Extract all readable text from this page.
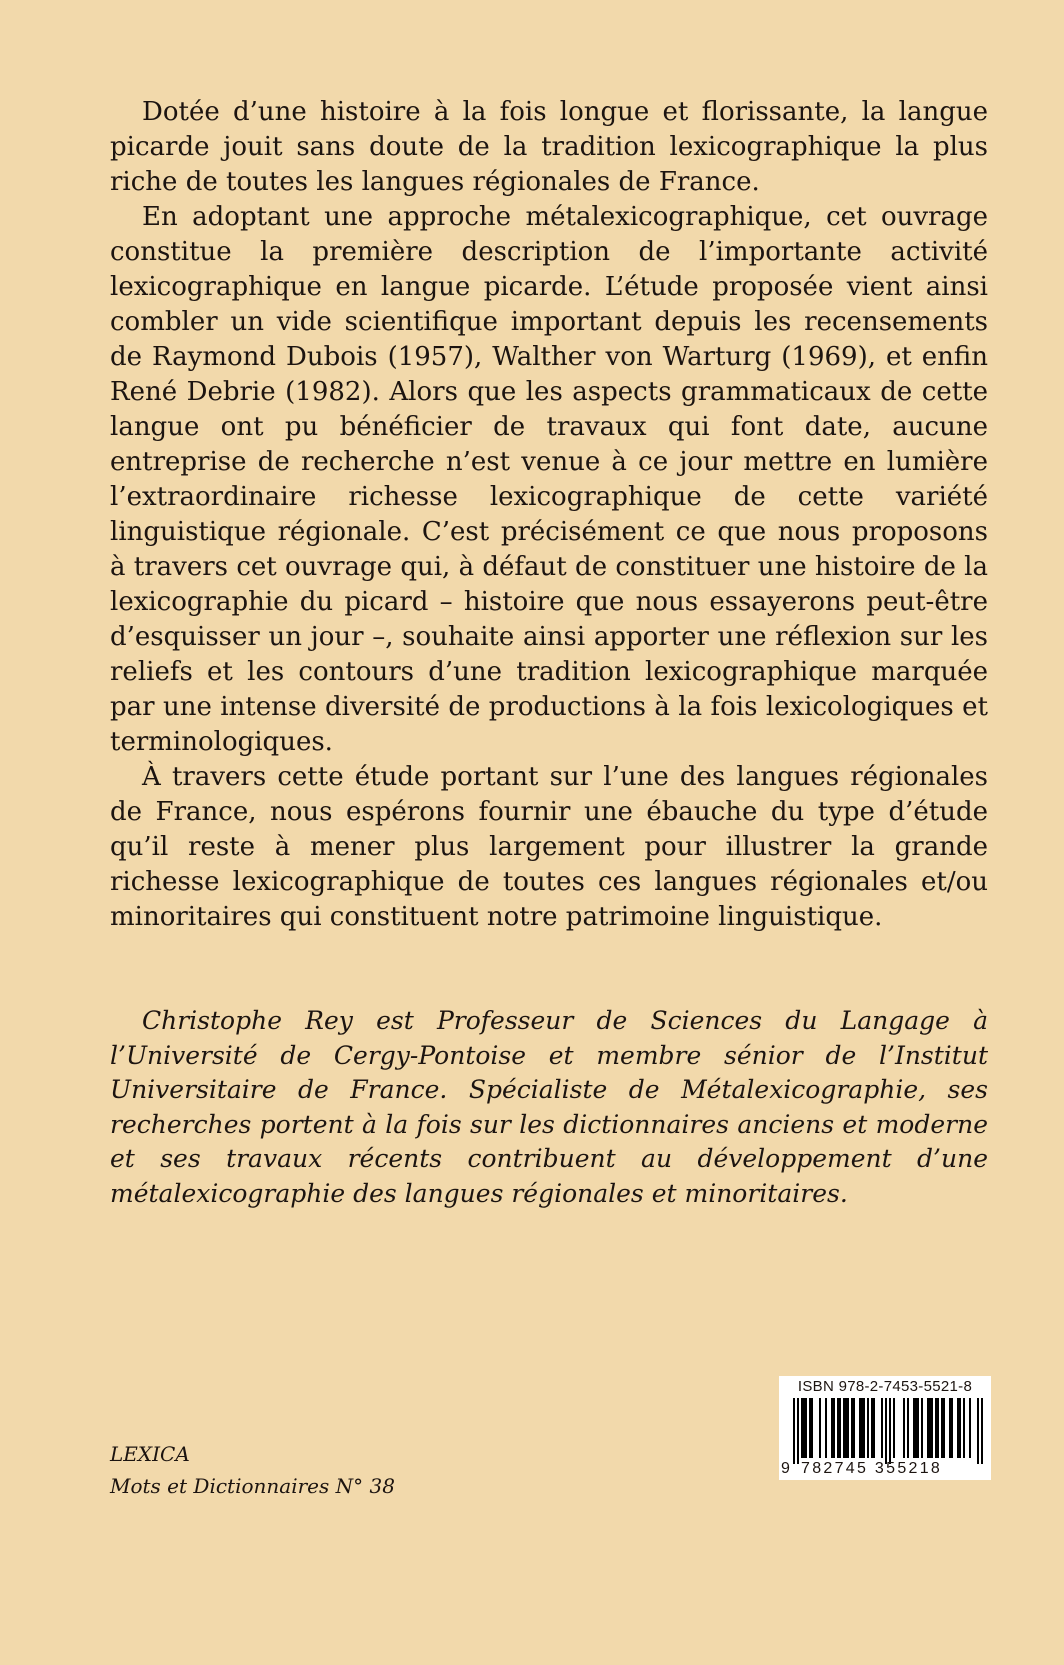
Dotée d’une histoire à la fois longue et florissante, la langue picarde jouit sans doute de la tradition lexicographique la plus riche de toutes les langues régionales de France.

En adoptant une approche métalexicographique, cet ouvrage constitue la première description de l’importante activité lexicographique en langue picarde. L’étude proposée vient ainsi combler un vide scientifique important depuis les recensements de Raymond Dubois (1957), Walther von Warturg (1969), et enfin René Debrie (1982). Alors que les aspects grammaticaux de cette langue ont pu bénéficier de travaux qui font date, aucune entreprise de recherche n’est venue à ce jour mettre en lumière l’extraordinaire richesse lexicographique de cette variété linguistique régionale. C’est précisément ce que nous proposons à travers cet ouvrage qui, à défaut de constituer une histoire de la lexicographie du picard – histoire que nous essayerons peut-être d’esquisser un jour –, souhaite ainsi apporter une réflexion sur les reliefs et les contours d’une tradition lexicographique marquée par une intense diversité de productions à la fois lexicologiques et terminologiques.

À travers cette étude portant sur l’une des langues régionales de France, nous espérons fournir une ébauche du type d’étude qu’il reste à mener plus largement pour illustrer la grande richesse lexicographique de toutes ces langues régionales et/ou minoritaires qui constituent notre patrimoine linguistique.

Christophe Rey est Professeur de Sciences du Langage à l’Université de Cergy-Pontoise et membre sénior de l’Institut Universitaire de France. Spécialiste de Métalexicographie, ses recherches portent à la fois sur les dictionnaires anciens et moderne et ses travaux récents contribuent au développement d’une métalexicographie des langues régionales et minoritaires.

LEXICA
Mots et Dictionnaires N° 38
ISBN 978-2-7453-5521-8
9 782745 355218
